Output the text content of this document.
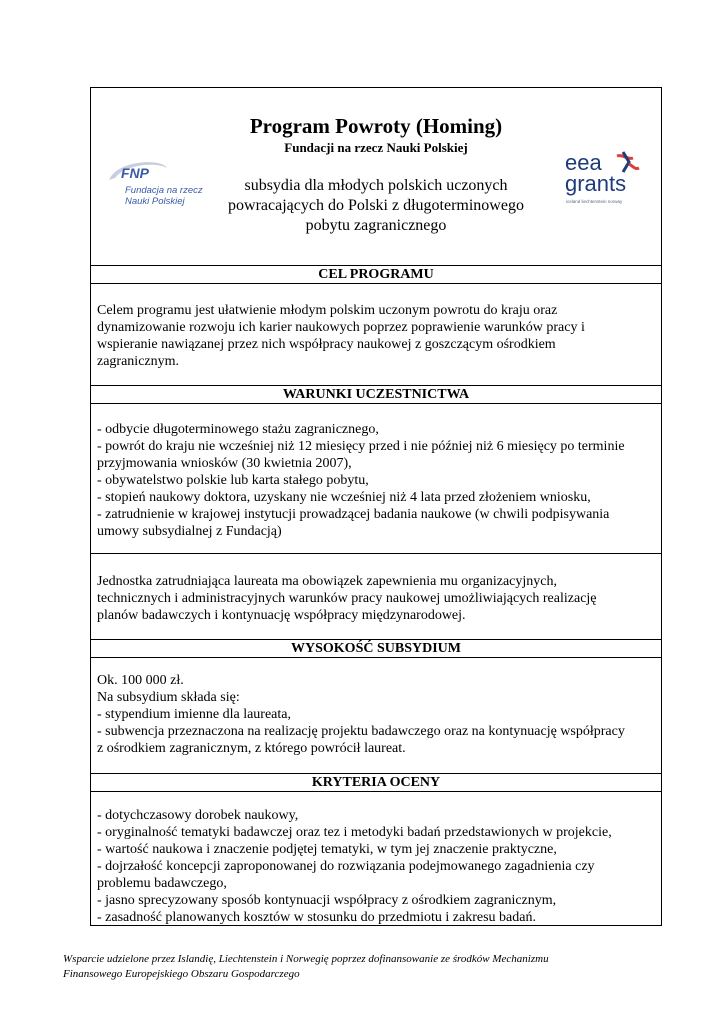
Program Powroty (Homing)
Fundacji na rzecz Nauki Polskiej
subsydia dla młodych polskich uczonych
powracających do Polski z długoterminowego
pobytu zagranicznego
FNP
Fundacja na rzecz
Nauki Polskiej
eea
grants
iceland liechtenstein norway
CEL PROGRAMU
Celem programu jest ułatwienie młodym polskim uczonym powrotu do kraju oraz
dynamizowanie rozwoju ich karier naukowych poprzez poprawienie warunków pracy i
wspieranie nawiązanej przez nich współpracy naukowej z goszczącym ośrodkiem
zagranicznym.
WARUNKI UCZESTNICTWA
- odbycie długoterminowego stażu zagranicznego,
- powrót do kraju nie wcześniej niż 12 miesięcy przed i nie później niż 6 miesięcy po terminie
przyjmowania wniosków (30 kwietnia 2007),
- obywatelstwo polskie lub karta stałego pobytu,
- stopień naukowy doktora, uzyskany nie wcześniej niż 4 lata przed złożeniem wniosku,
- zatrudnienie w krajowej instytucji prowadzącej badania naukowe (w chwili podpisywania
umowy subsydialnej z Fundacją)
Jednostka zatrudniająca laureata ma obowiązek zapewnienia mu organizacyjnych,
technicznych i administracyjnych warunków pracy naukowej umożliwiających realizację
planów badawczych i kontynuację współpracy międzynarodowej.
WYSOKOŚĆ SUBSYDIUM
Ok. 100 000 zł.
Na subsydium składa się:
- stypendium imienne dla laureata,
- subwencja przeznaczona na realizację projektu badawczego oraz na kontynuację współpracy
z ośrodkiem zagranicznym, z którego powrócił laureat.
KRYTERIA OCENY
- dotychczasowy dorobek naukowy,
- oryginalność tematyki badawczej oraz tez i metodyki badań przedstawionych w projekcie,
- wartość naukowa i znaczenie podjętej tematyki, w tym jej znaczenie praktyczne,
- dojrzałość koncepcji zaproponowanej do rozwiązania podejmowanego zagadnienia czy
problemu badawczego,
- jasno sprecyzowany sposób kontynuacji współpracy z ośrodkiem zagranicznym,
- zasadność planowanych kosztów w stosunku do przedmiotu i zakresu badań.
Wsparcie udzielone przez Islandię, Liechtenstein i Norwegię poprzez dofinansowanie ze środków Mechanizmu
Finansowego Europejskiego Obszaru Gospodarczego
